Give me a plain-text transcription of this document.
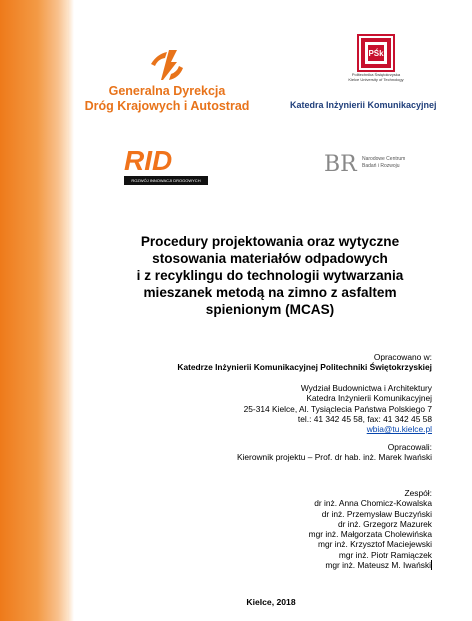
Generalna Dyrekcja
Dróg Krajowych i Autostrad
PŚk
Politechnika Świętokrzyska
Kielce University of Technology
Katedra Inżynierii Komunikacyjnej
RID
ROZWÓJ INNOWACJI DROGOWYCH
BR Narodowe Centrum
Badań i Rozwoju
Procedury projektowania oraz wytyczne
stosowania materiałów odpadowych
i z recyklingu do technologii wytwarzania
mieszanek metodą na zimno z asfaltem
spienionym (MCAS)
Opracowano w:
Katedrze Inżynierii Komunikacyjnej Politechniki Świętokrzyskiej
Wydział Budownictwa i Architektury
Katedra Inżynierii Komunikacyjnej
25-314 Kielce, Al. Tysiąclecia Państwa Polskiego 7
tel.: 41 342 45 58, fax: 41 342 45 58
wbia@tu.kielce.pl
Opracowali:
Kierownik projektu – Prof. dr hab. inż. Marek Iwański
Zespół:
dr inż. Anna Chomicz-Kowalska
dr inż. Przemysław Buczyński
dr inż. Grzegorz Mazurek
mgr inż. Małgorzata Cholewińska
mgr inż. Krzysztof Maciejewski
mgr inż. Piotr Ramiączek
mgr inż. Mateusz M. Iwański
Kielce, 2018
